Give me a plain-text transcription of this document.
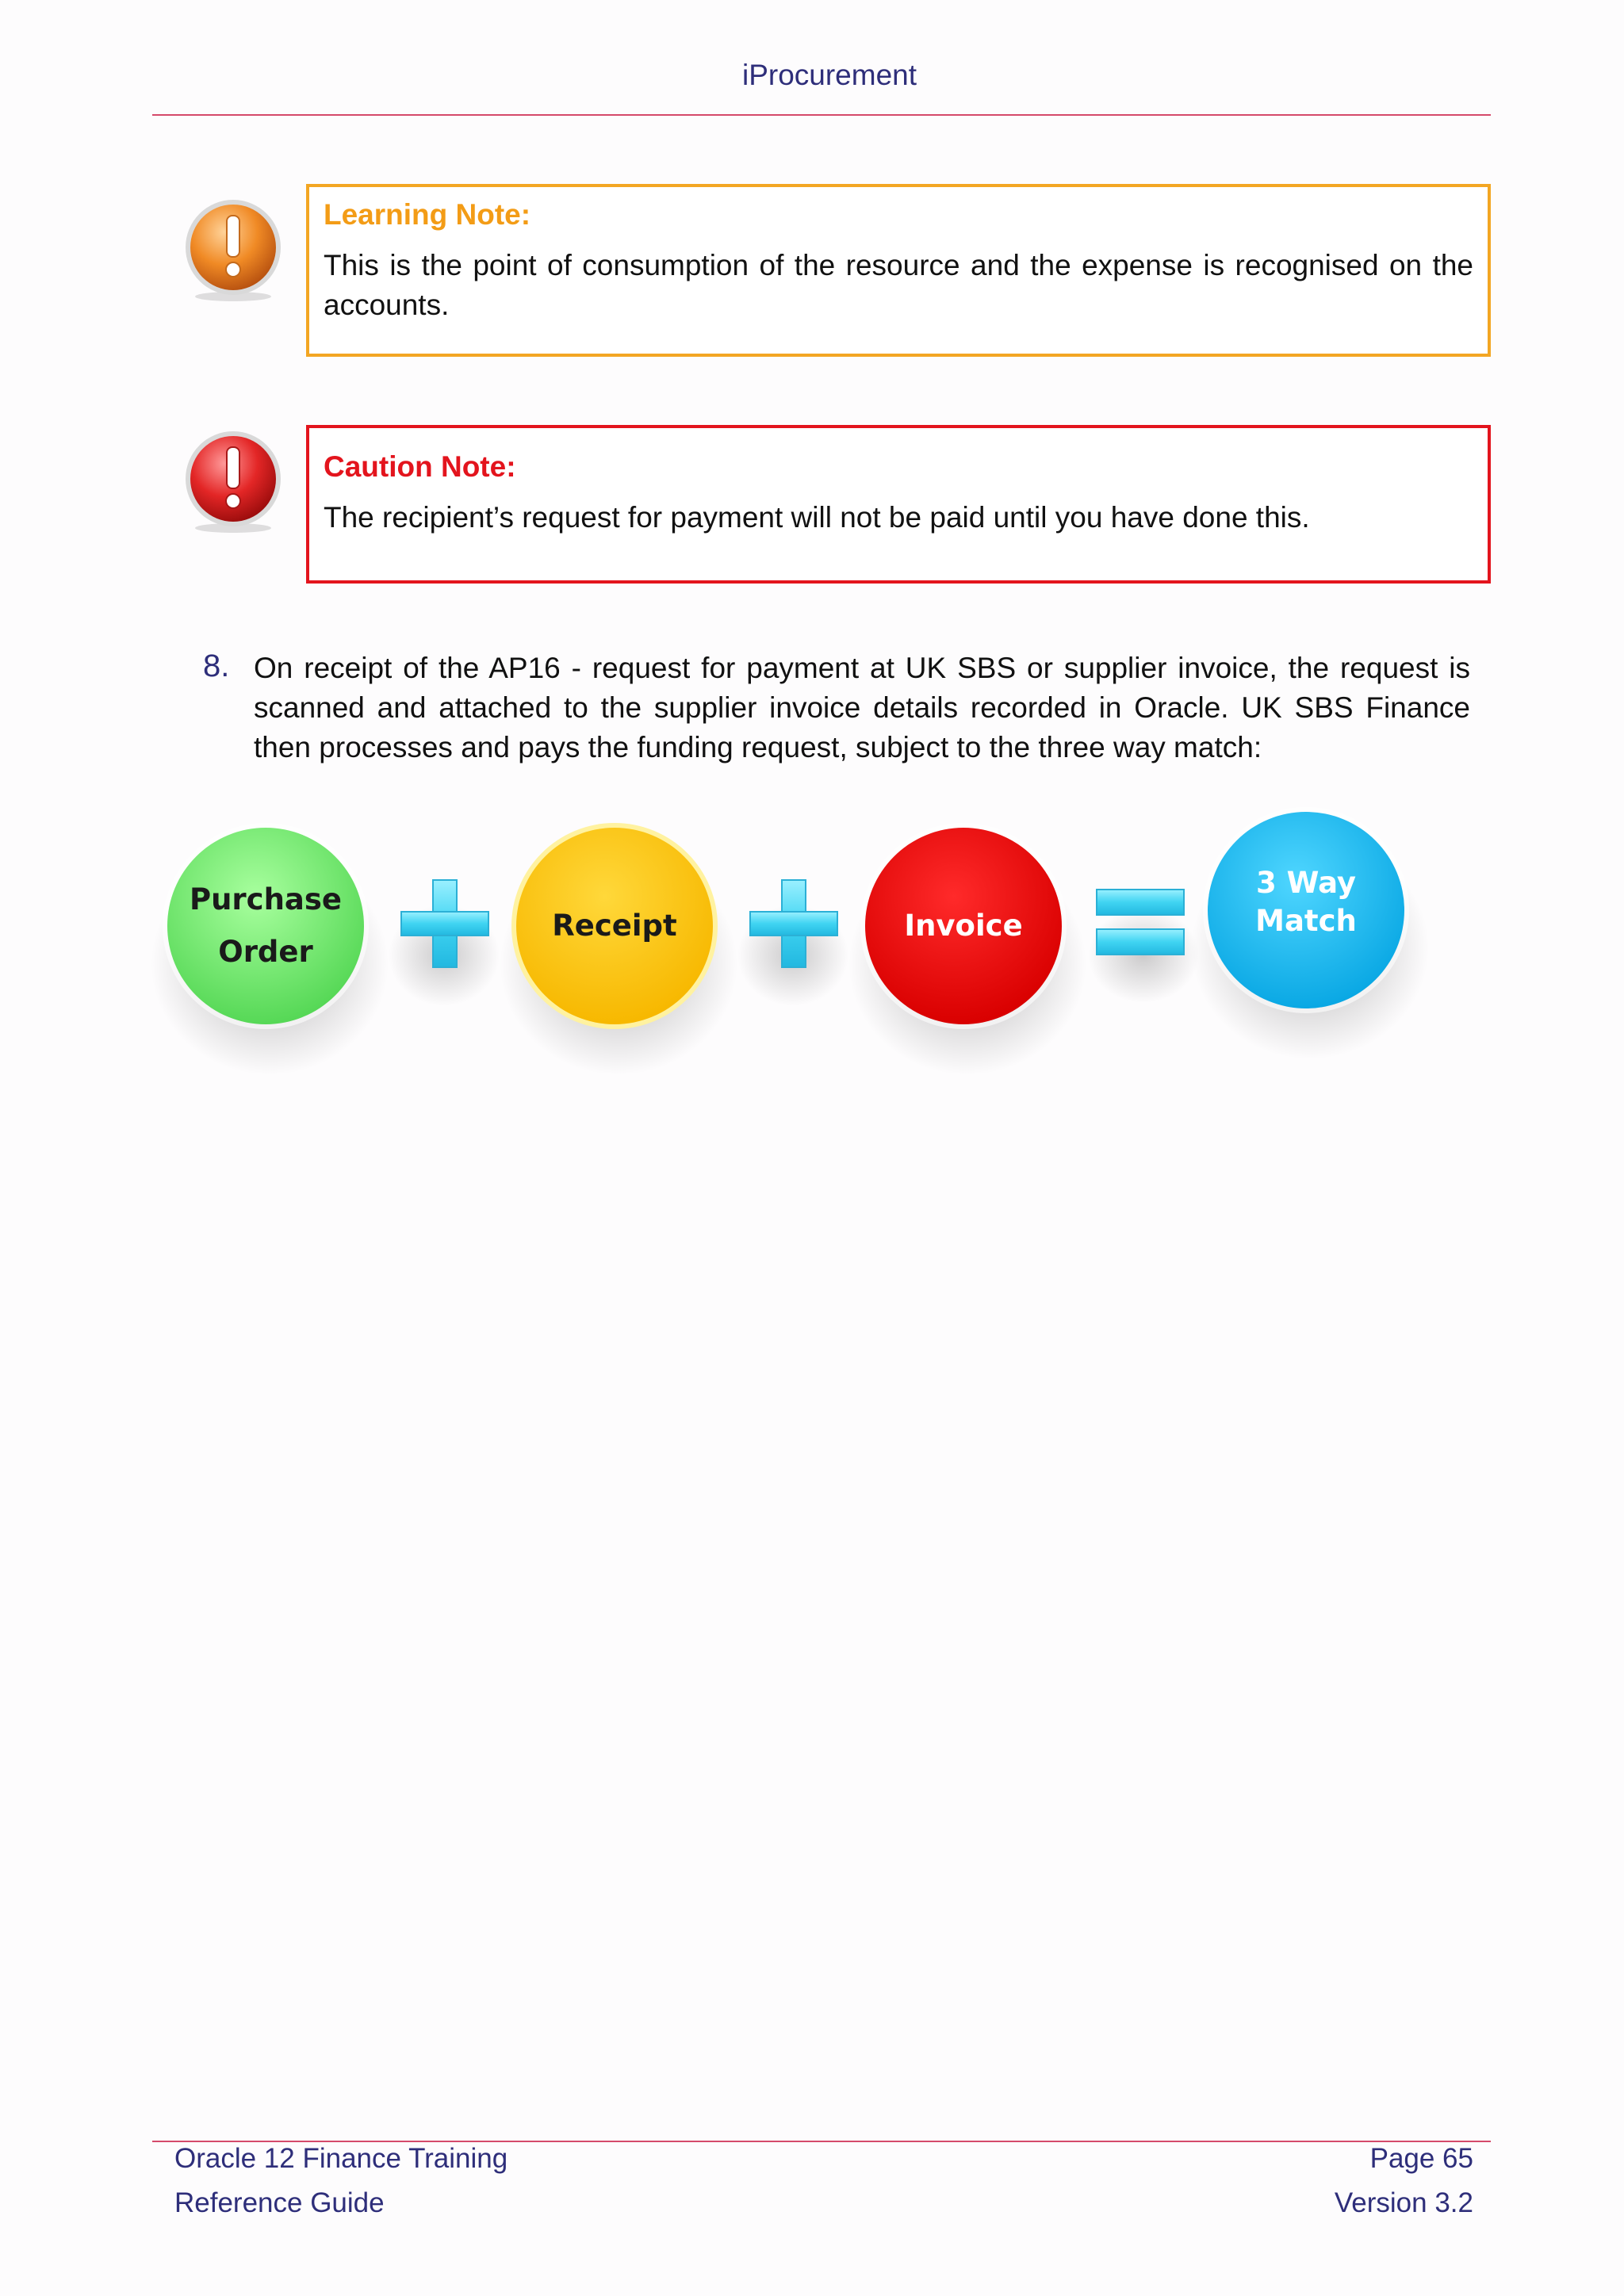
iProcurement

Learning Note:

This is the point of consumption of the resource and the expense is recognised on the accounts.

Caution Note:

The recipient’s request for payment will not be paid until you have done this.

8. On receipt of the AP16 - request for payment at UK SBS or supplier invoice, the request is scanned and attached to the supplier invoice details recorded in Oracle. UK SBS Finance then processes and pays the funding request, subject to the three way match:

Purchase
Order
Receipt	Invoice
3 Way
Match
Oracle 12 Finance Training
Reference Guide
Page 65
Version 3.2
